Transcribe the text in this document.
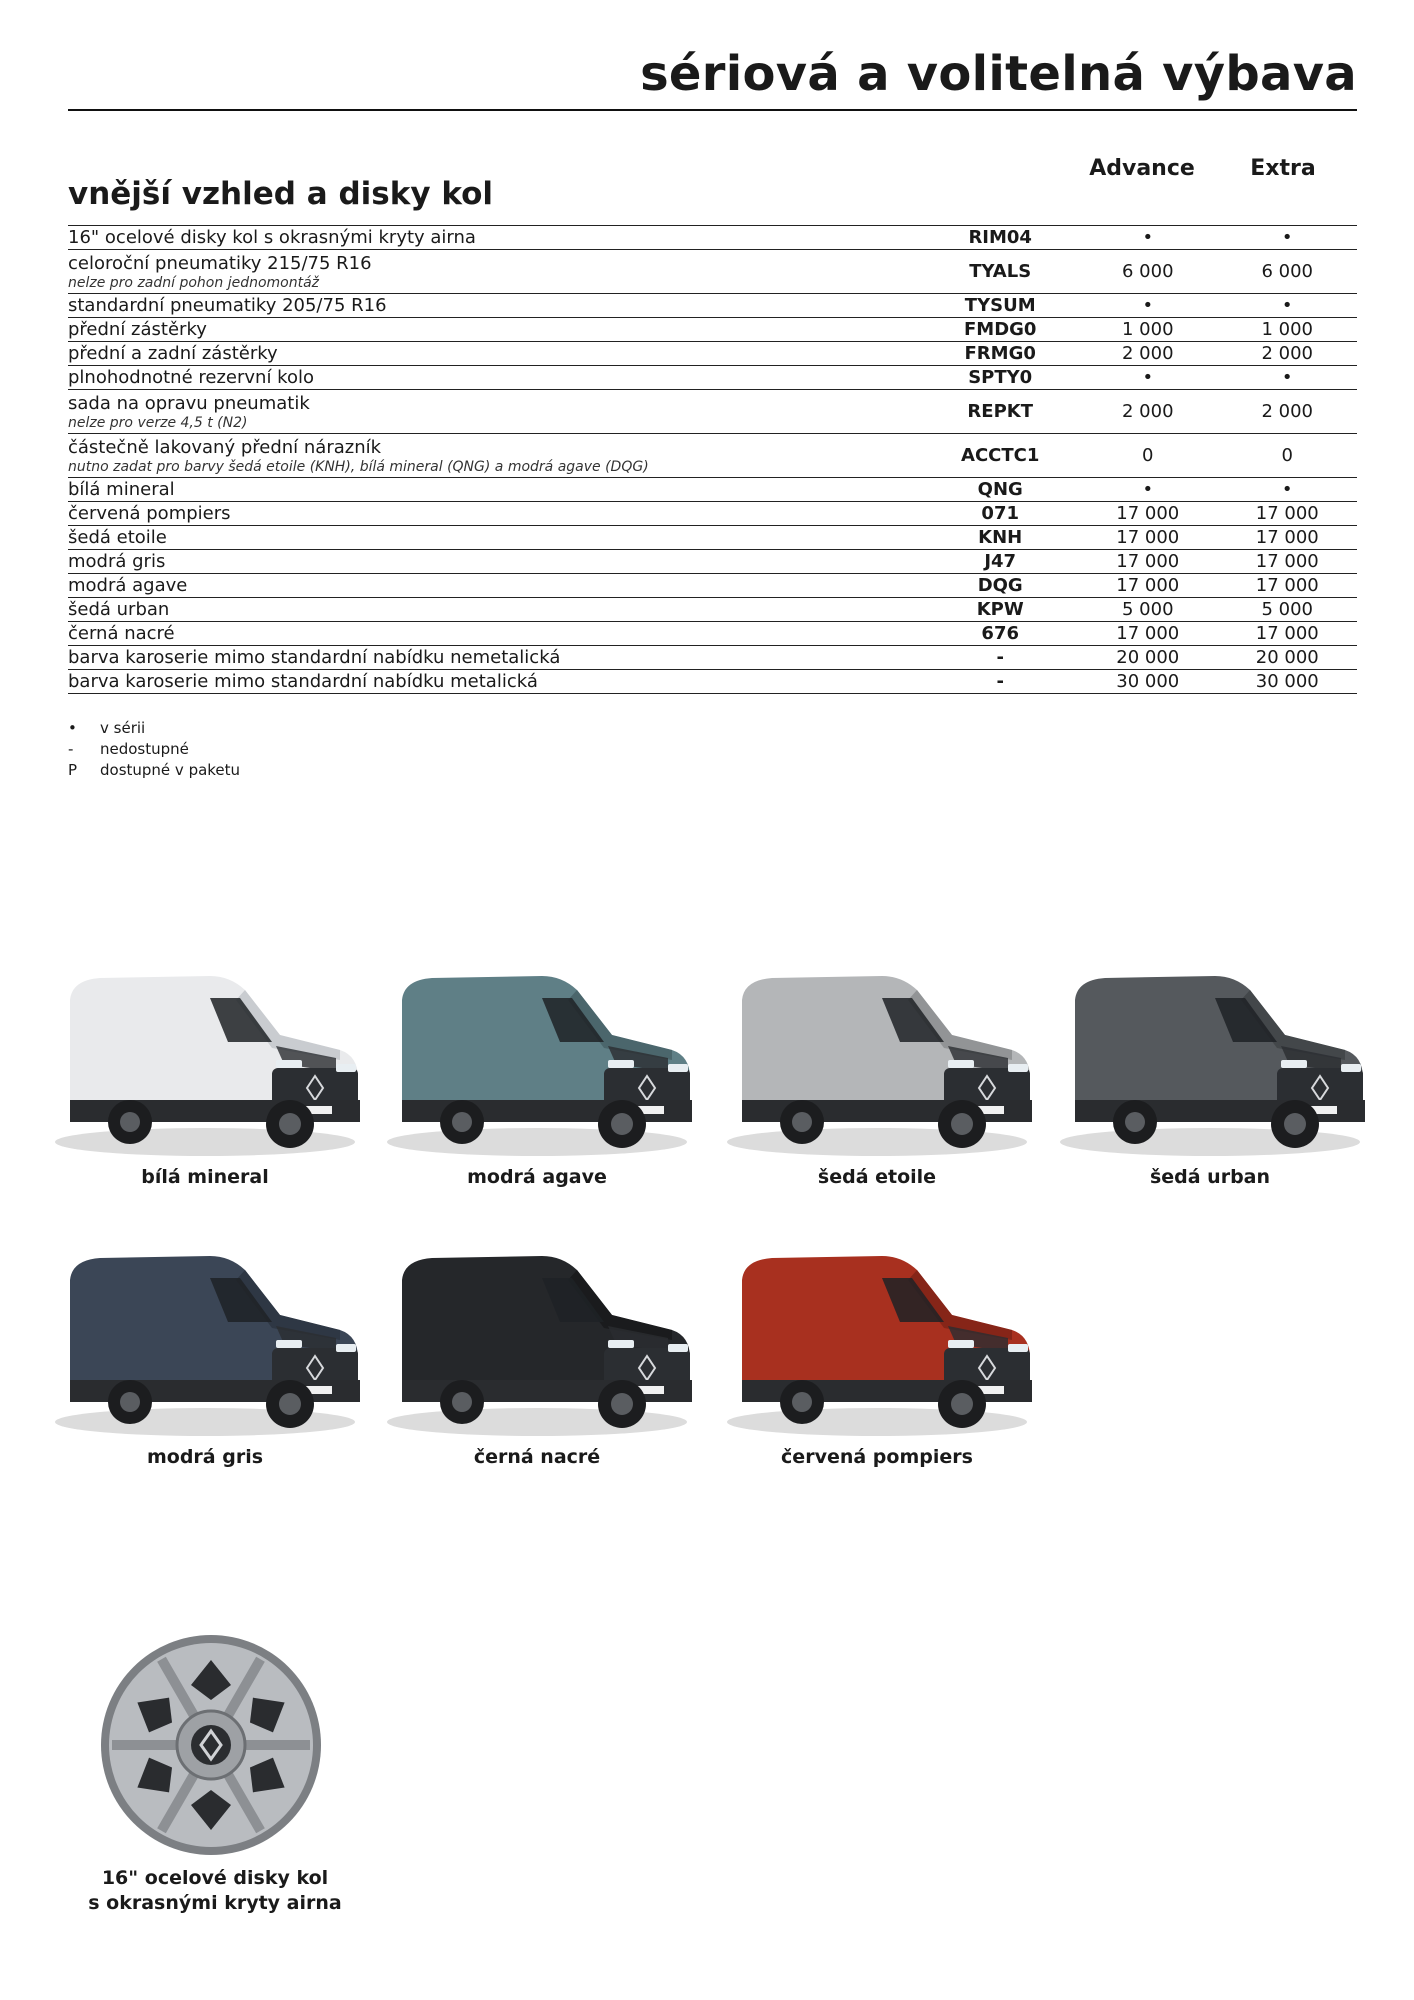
sériová a volitelná výbava
vnější vzhled a disky kol
Advance	Extra
16" ocelové disky kol s okrasnými kryty airna	RIM04	•	•
celoroční pneumatiky 215/75 R16
nelze pro zadní pohon jednomontáž	TYALS	6 000	6 000
standardní pneumatiky 205/75 R16	TYSUM	•	•
přední zástěrky	FMDG0	1 000	1 000
přední a zadní zástěrky	FRMG0	2 000	2 000
plnohodnotné rezervní kolo	SPTY0	•	•
sada na opravu pneumatik
nelze pro verze 4,5 t (N2)	REPKT	2 000	2 000
částečně lakovaný přední nárazník
nutno zadat pro barvy šedá etoile (KNH), bílá mineral (QNG) a modrá agave (DQG)	ACCTC1	0	0
bílá mineral	QNG	•	•
červená pompiers	071	17 000	17 000
šedá etoile	KNH	17 000	17 000
modrá gris	J47	17 000	17 000
modrá agave	DQG	17 000	17 000
šedá urban	KPW	5 000	5 000
černá nacré	676	17 000	17 000
barva karoserie mimo standardní nabídku nemetalická	-	20 000	20 000
barva karoserie mimo standardní nabídku metalická	-	30 000	30 000
• v sérii
- nedostupné
P dostupné v paketu
bílá mineral	modrá agave	šedá etoile	šedá urban
modrá gris	černá nacré	červená pompiers
16" ocelové disky kol
s okrasnými kryty airna
